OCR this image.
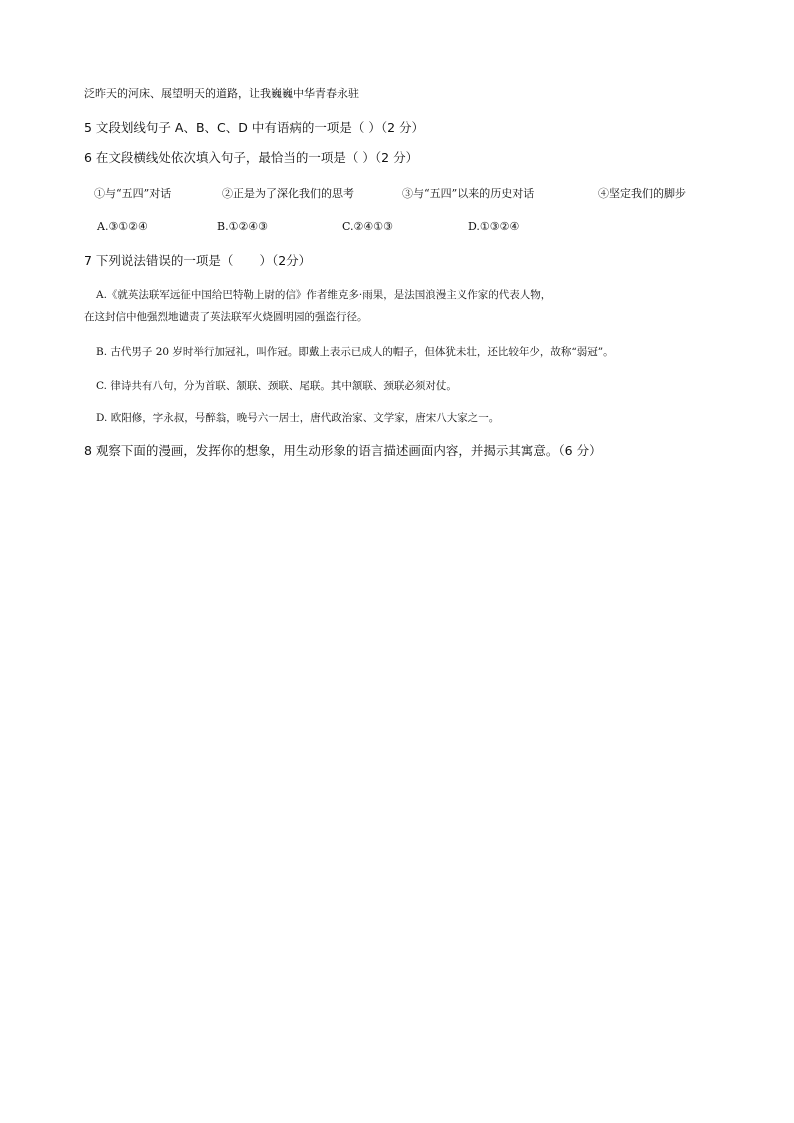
泛昨天的河床、展望明天的道路，让我巍巍中华青春永驻
5 文段划线句子 A、B、C、D 中有语病的一项是（ ）（2 分）
6 在文段横线处依次填入句子，最恰当的一项是（ ）（2 分）
①与“五四”对话	②正是为了深化我们的思考	③与“五四”以来的历史对话	④坚定我们的脚步
A.③①②④	B.①②④③	C.②④①③	D.①③②④
7 下列说法错误的一项是（ ）（2分）
A.《就英法联军远征中国给巴特勒上尉的信》作者维克多·雨果，是法国浪漫主义作家的代表人物，
在这封信中他强烈地谴责了英法联军火烧圆明园的强盗行径。
B. 古代男子 20 岁时举行加冠礼，叫作冠。即戴上表示已成人的帽子，但体犹未壮，还比较年少，故称“弱冠”。
C. 律诗共有八句，分为首联、颔联、颈联、尾联。其中颔联、颈联必须对仗。
D. 欧阳修，字永叔，号醉翁，晚号六一居士，唐代政治家、文学家，唐宋八大家之一。
8 观察下面的漫画，发挥你的想象，用生动形象的语言描述画面内容，并揭示其寓意。（6 分）
